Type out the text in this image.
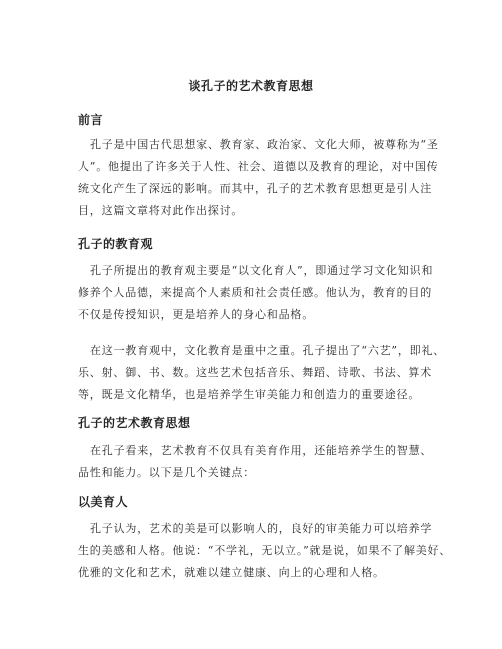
谈孔子的艺术教育思想
前言
孔子是中国古代思想家、教育家、政治家、文化大师，被尊称为“圣
人”。他提出了许多关于人性、社会、道德以及教育的理论，对中国传
统文化产生了深远的影响。而其中，孔子的艺术教育思想更是引人注
目，这篇文章将对此作出探讨。
孔子的教育观
孔子所提出的教育观主要是“以文化育人”，即通过学习文化知识和
修养个人品德，来提高个人素质和社会责任感。他认为，教育的目的
不仅是传授知识，更是培养人的身心和品格。
在这一教育观中，文化教育是重中之重。孔子提出了“六艺”，即礼、
乐、射、御、书、数。这些艺术包括音乐、舞蹈、诗歌、书法、算术
等，既是文化精华，也是培养学生审美能力和创造力的重要途径。
孔子的艺术教育思想
在孔子看来，艺术教育不仅具有美育作用，还能培养学生的智慧、
品性和能力。以下是几个关键点：
以美育人
孔子认为，艺术的美是可以影响人的，良好的审美能力可以培养学
生的美感和人格。他说：“不学礼，无以立。”就是说，如果不了解美好、
优雅的文化和艺术，就难以建立健康、向上的心理和人格。
